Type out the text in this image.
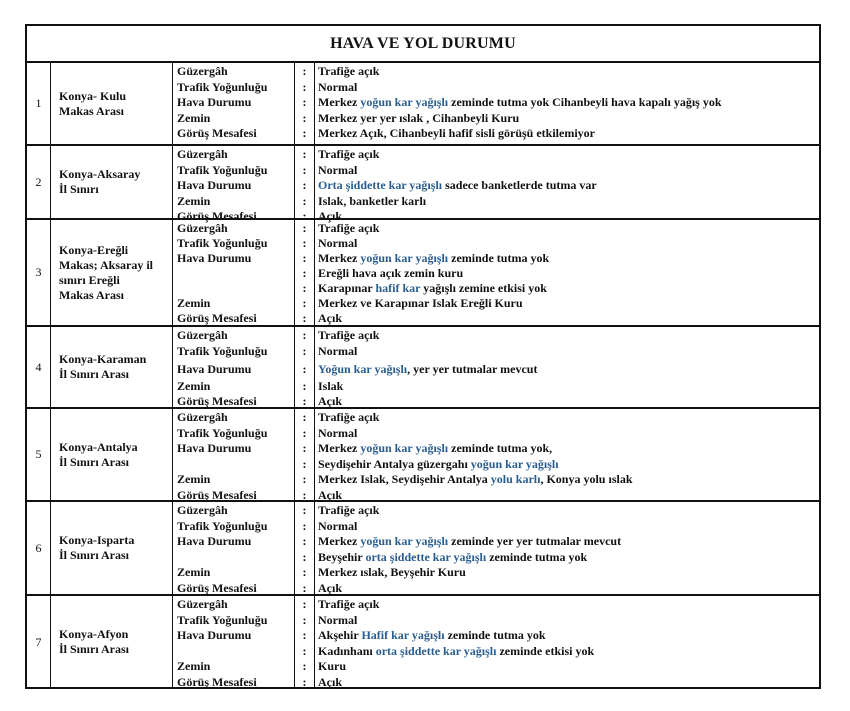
HAVA VE YOL DURUMU
1
Konya- Kulu
Makas Arası
Güzergâh
Trafik Yoğunluğu
Hava Durumu
Zemin
Görüş Mesafesi
:
:
:
:
:
Trafiğe açık
Normal
Merkez yoğun kar yağışlı zeminde tutma yok Cihanbeyli hava kapalı yağış yok
Merkez yer yer ıslak , Cihanbeyli Kuru
Merkez Açık, Cihanbeyli hafif sisli görüşü etkilemiyor
2
Konya-Aksaray
İl Sınırı
Güzergâh
Trafik Yoğunluğu
Hava Durumu
Zemin
Görüş Mesafesi
:
:
:
:
:
Trafiğe açık
Normal
Orta şiddette kar yağışlı sadece banketlerde tutma var
Islak, banketler karlı
Açık
3
Konya-Ereğli
Makas; Aksaray il
sınırı Ereğli
Makas Arası
Güzergâh
Trafik Yoğunluğu
Hava Durumu
Zemin
Görüş Mesafesi
:
:
:
:
:
:
:
Trafiğe açık
Normal
Merkez yoğun kar yağışlı zeminde tutma yok
Ereğli hava açık zemin kuru
Karapınar hafif kar yağışlı zemine etkisi yok
Merkez ve Karapınar Islak Ereğli Kuru
Açık
4
Konya-Karaman
İl Sınırı Arası
Güzergâh
Trafik Yoğunluğu
Hava Durumu
Zemin
Görüş Mesafesi
:
:
:
:
:
Trafiğe açık
Normal
Yoğun kar yağışlı, yer yer tutmalar mevcut
Islak
Açık
5
Konya-Antalya
İl Sınırı Arası
Güzergâh
Trafik Yoğunluğu
Hava Durumu
Zemin
Görüş Mesafesi
:
:
:
:
:
:
Trafiğe açık
Normal
Merkez yoğun kar yağışlı zeminde tutma yok,
Seydişehir Antalya güzergahı yoğun kar yağışlı
Merkez Islak, Seydişehir Antalya yolu karlı, Konya yolu ıslak
Açık
6
Konya-Isparta
İl Sınırı Arası
Güzergâh
Trafik Yoğunluğu
Hava Durumu
Zemin
Görüş Mesafesi
:
:
:
:
:
:
Trafiğe açık
Normal
Merkez yoğun kar yağışlı zeminde yer yer tutmalar mevcut
Beyşehir orta şiddette kar yağışlı zeminde tutma yok
Merkez ıslak, Beyşehir Kuru
Açık
7
Konya-Afyon
İl Sınırı Arası
Güzergâh
Trafik Yoğunluğu
Hava Durumu
Zemin
Görüş Mesafesi
:
:
:
:
:
:
Trafiğe açık
Normal
Akşehir Hafif kar yağışlı zeminde tutma yok
Kadınhanı orta şiddette kar yağışlı zeminde etkisi yok
Kuru
Açık
